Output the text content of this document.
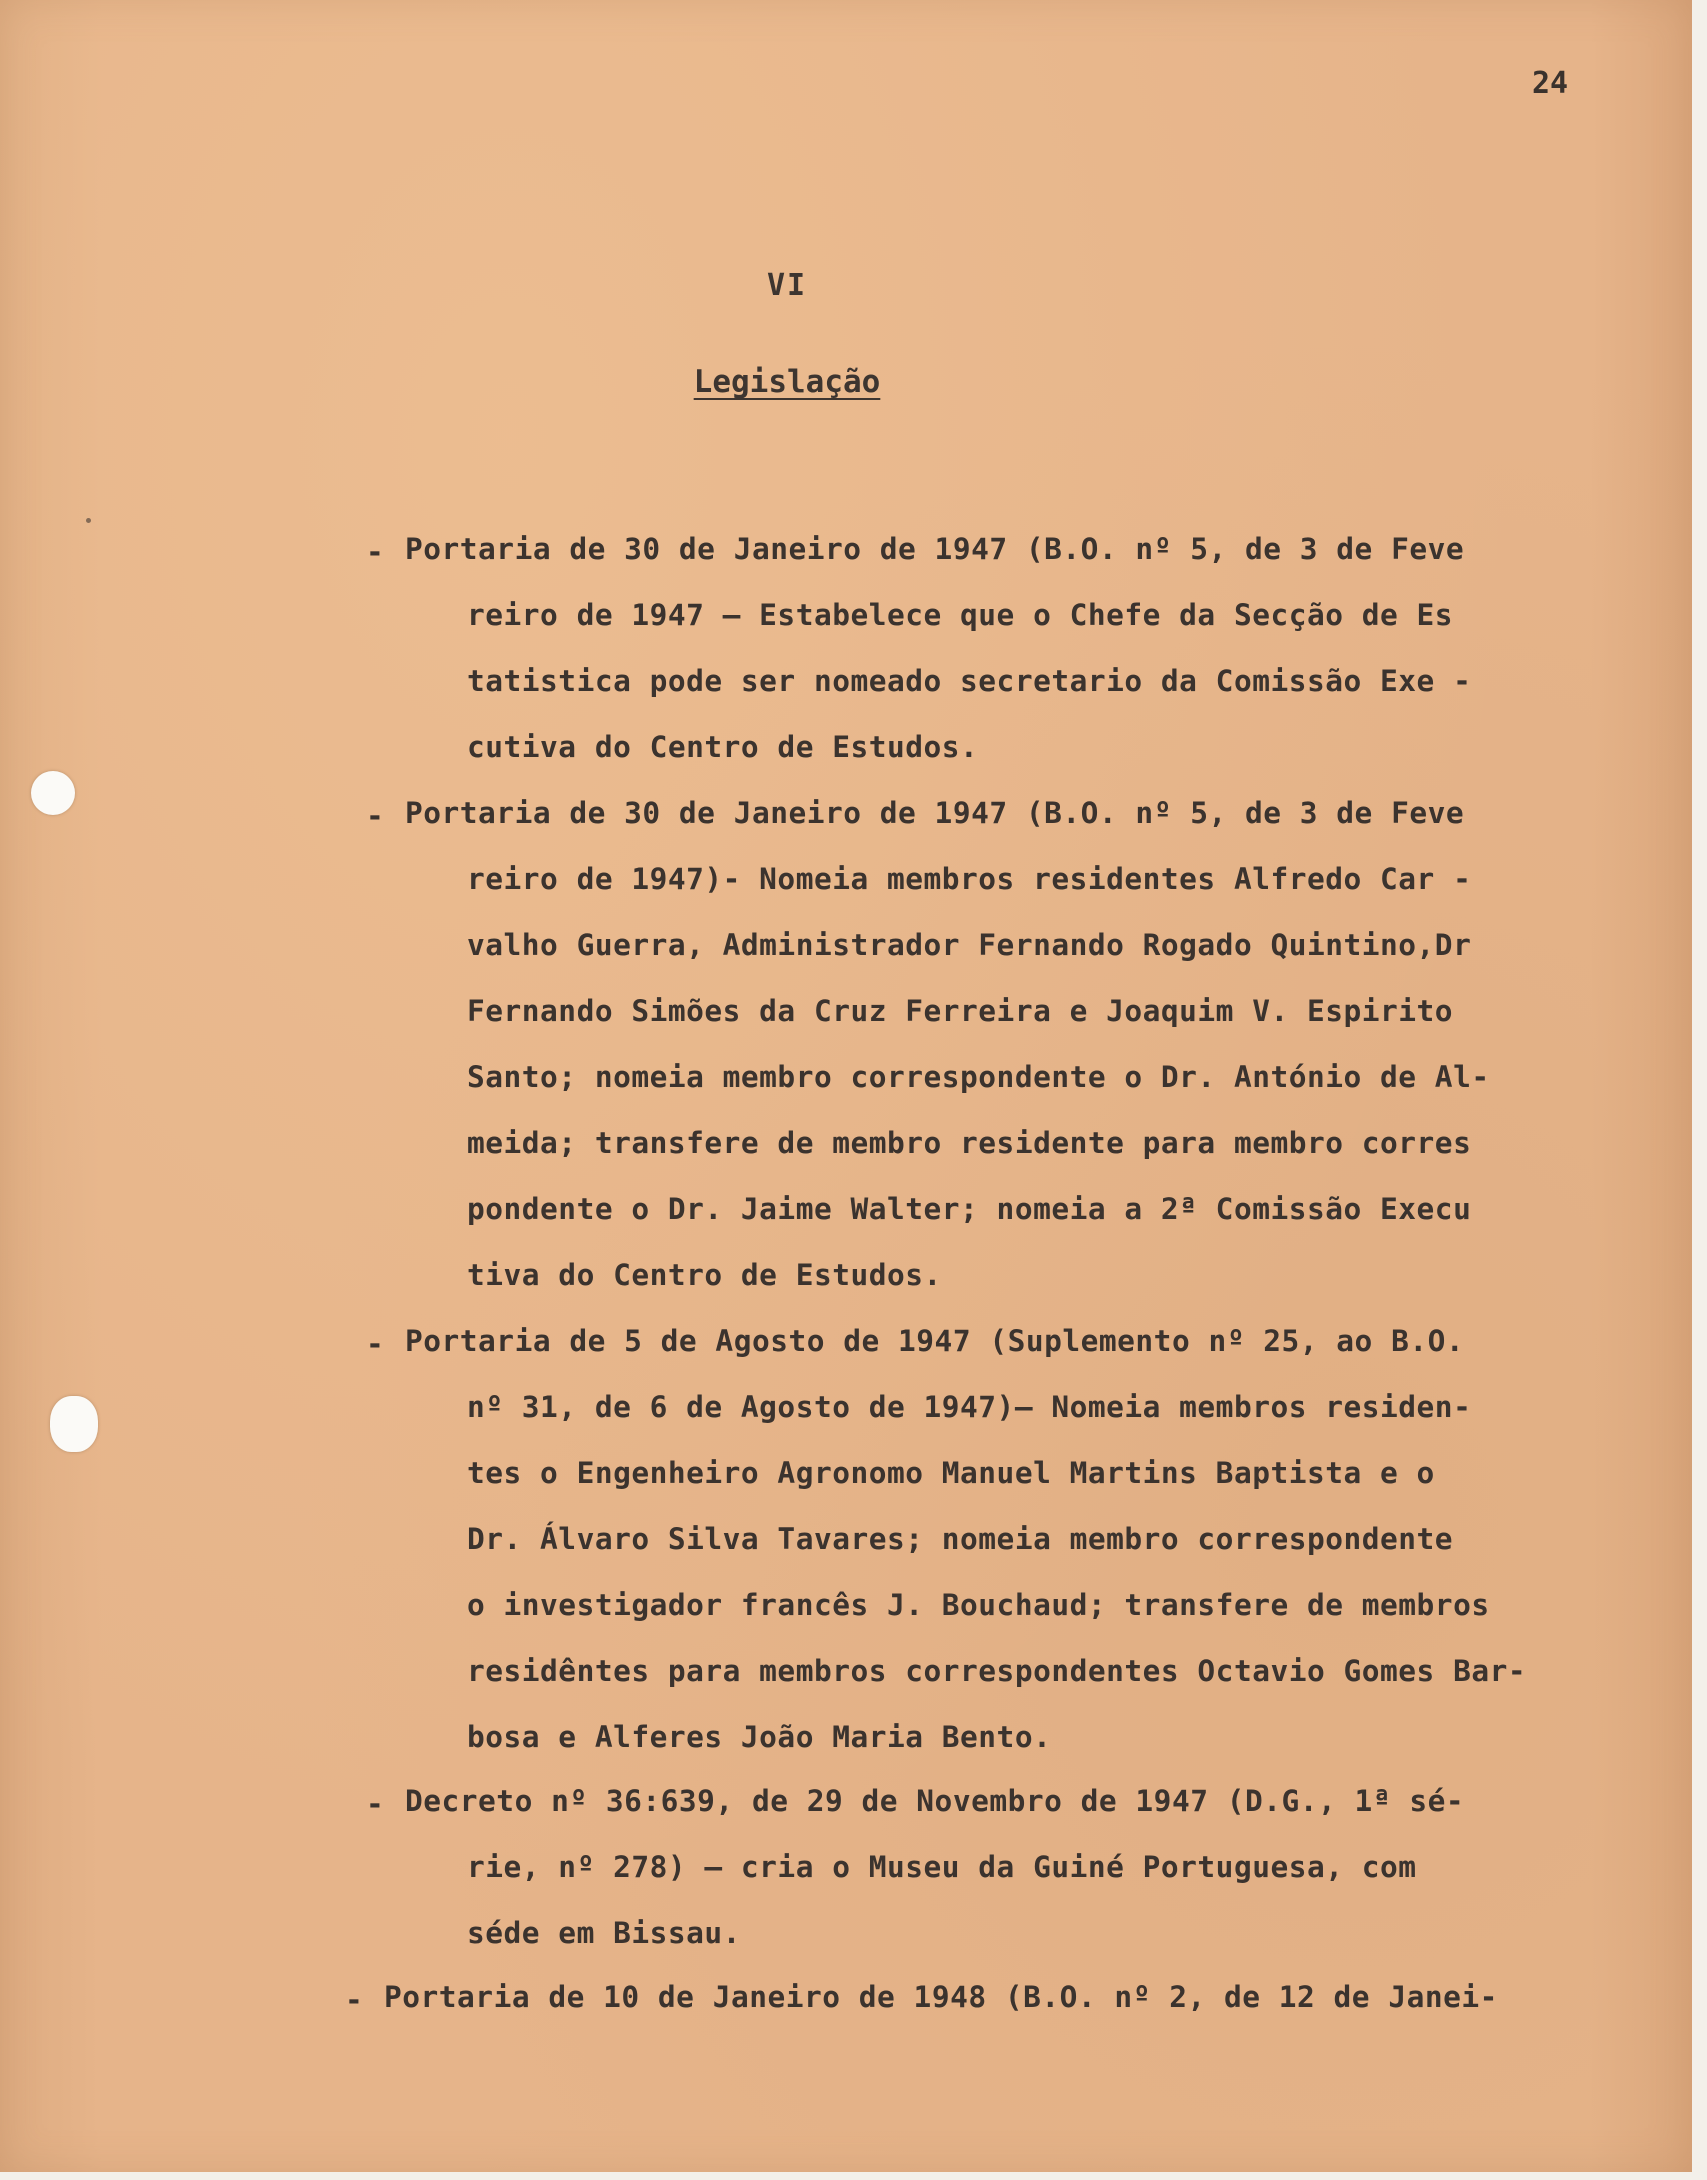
24
VI
Legislação
- Portaria de 30 de Janeiro de 1947 (B.O. nº 5, de 3 de Feve
reiro de 1947 — Estabelece que o Chefe da Secção de Es
tatistica pode ser nomeado secretario da Comissão Exe -
cutiva do Centro de Estudos.
- Portaria de 30 de Janeiro de 1947 (B.O. nº 5, de 3 de Feve
reiro de 1947)- Nomeia membros residentes Alfredo Car -
valho Guerra, Administrador Fernando Rogado Quintino,Dr
Fernando Simões da Cruz Ferreira e Joaquim V. Espirito
Santo; nomeia membro correspondente o Dr. António de Al-
meida; transfere de membro residente para membro corres
pondente o Dr. Jaime Walter; nomeia a 2ª Comissão Execu
tiva do Centro de Estudos.
- Portaria de 5 de Agosto de 1947 (Suplemento nº 25, ao B.O.
nº 31, de 6 de Agosto de 1947)— Nomeia membros residen-
tes o Engenheiro Agronomo Manuel Martins Baptista e o
Dr. Álvaro Silva Tavares; nomeia membro correspondente
o investigador francês J. Bouchaud; transfere de membros
residêntes para membros correspondentes Octavio Gomes Bar-
bosa e Alferes João Maria Bento.
- Decreto nº 36:639, de 29 de Novembro de 1947 (D.G., 1ª sé-
rie, nº 278) — cria o Museu da Guiné Portuguesa, com
séde em Bissau.
- Portaria de 10 de Janeiro de 1948 (B.O. nº 2, de 12 de Janei-
